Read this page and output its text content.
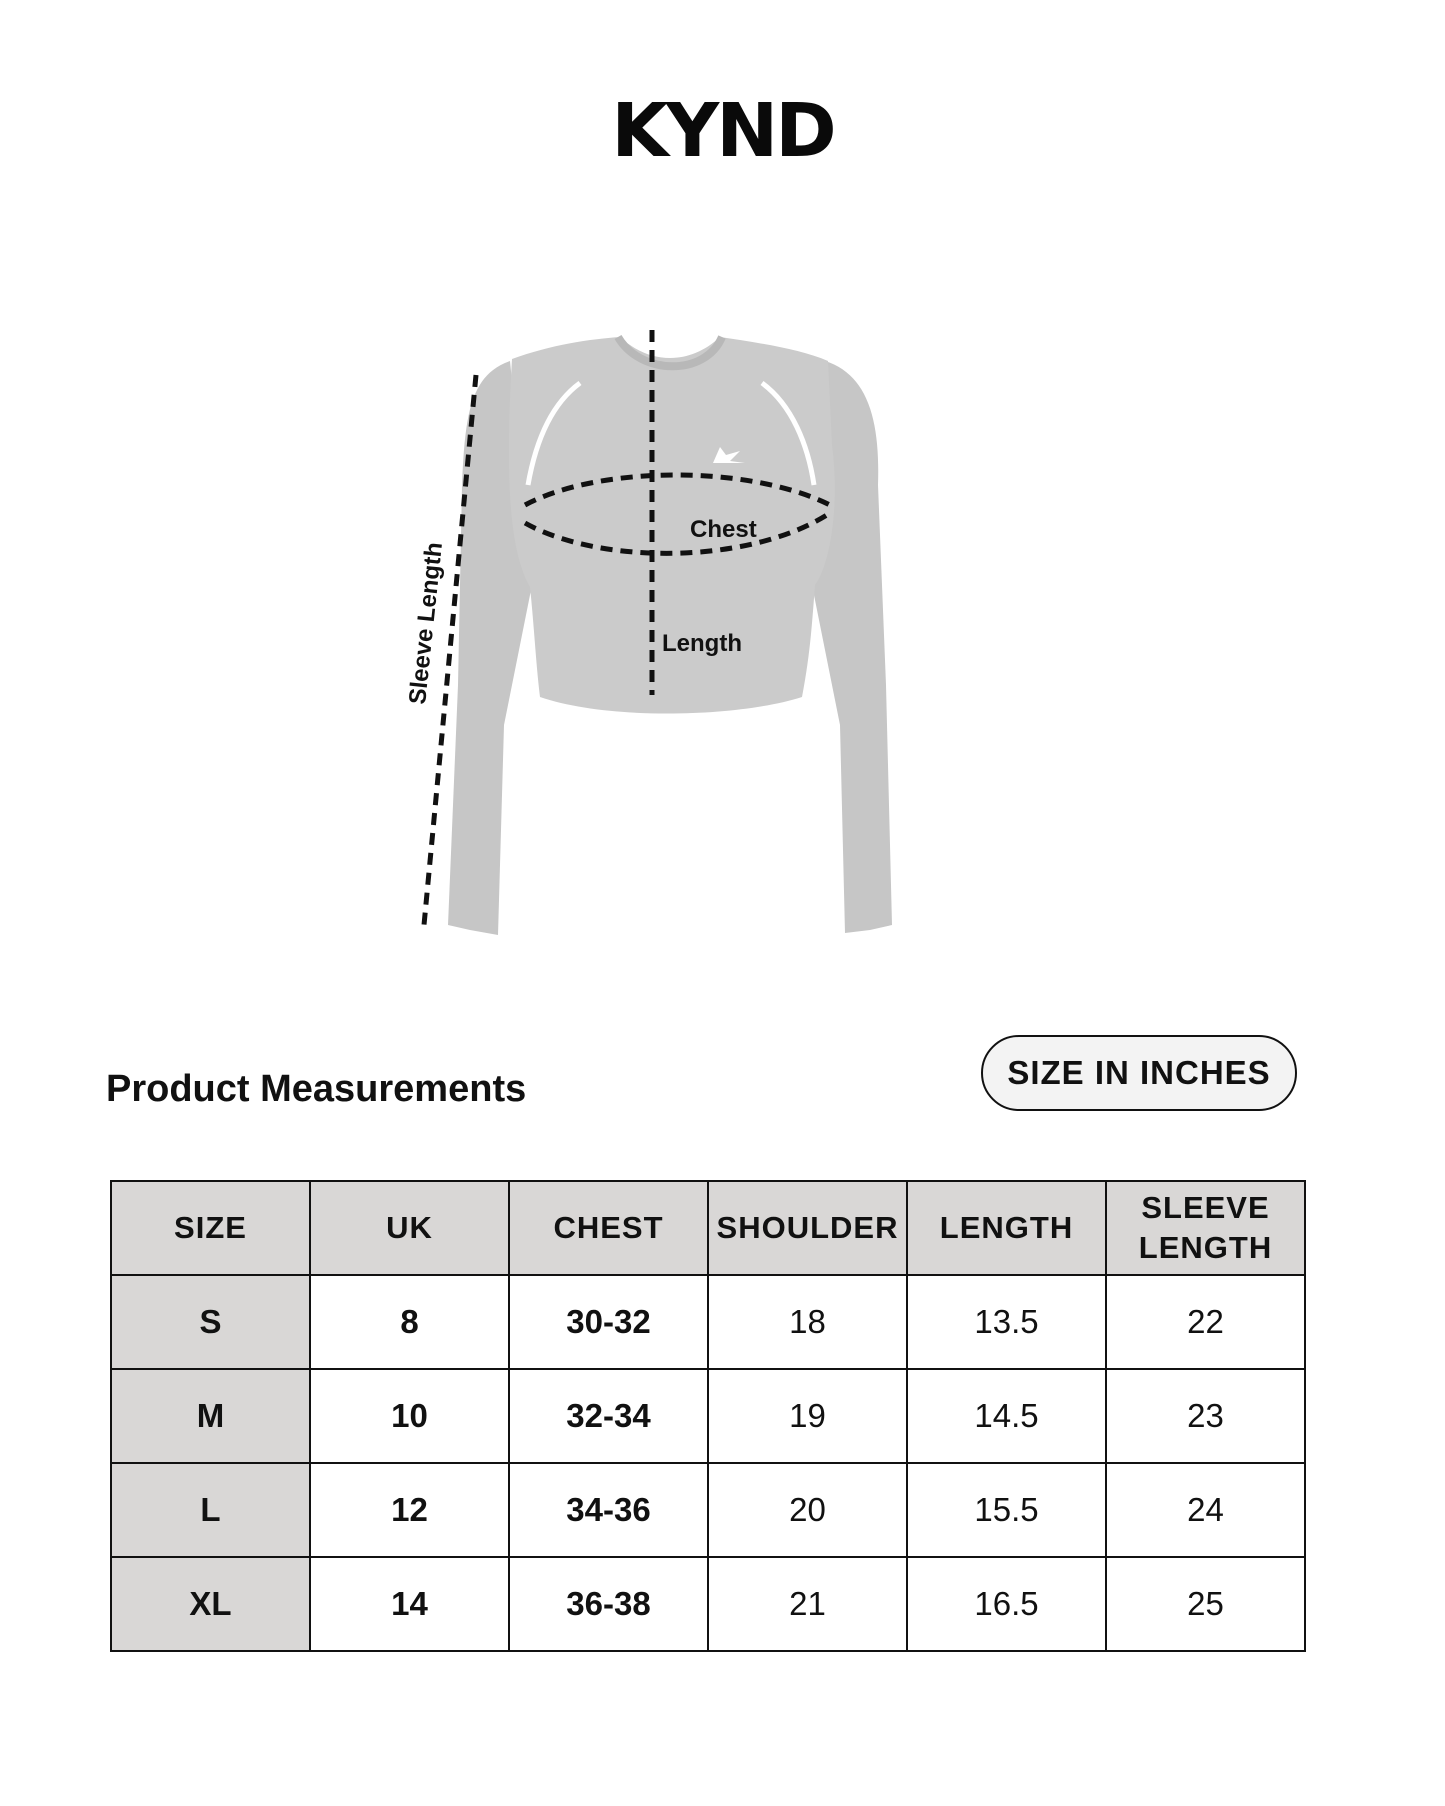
KYND
Chest
Length
Sleeve Length
Product Measurements	SIZE IN INCHES
SIZE	UK	CHEST	SHOULDER	LENGTH	SLEEVE LENGTH
S	8	30-32	18	13.5	22
M	10	32-34	19	14.5	23
L	12	34-36	20	15.5	24
XL	14	36-38	21	16.5	25
